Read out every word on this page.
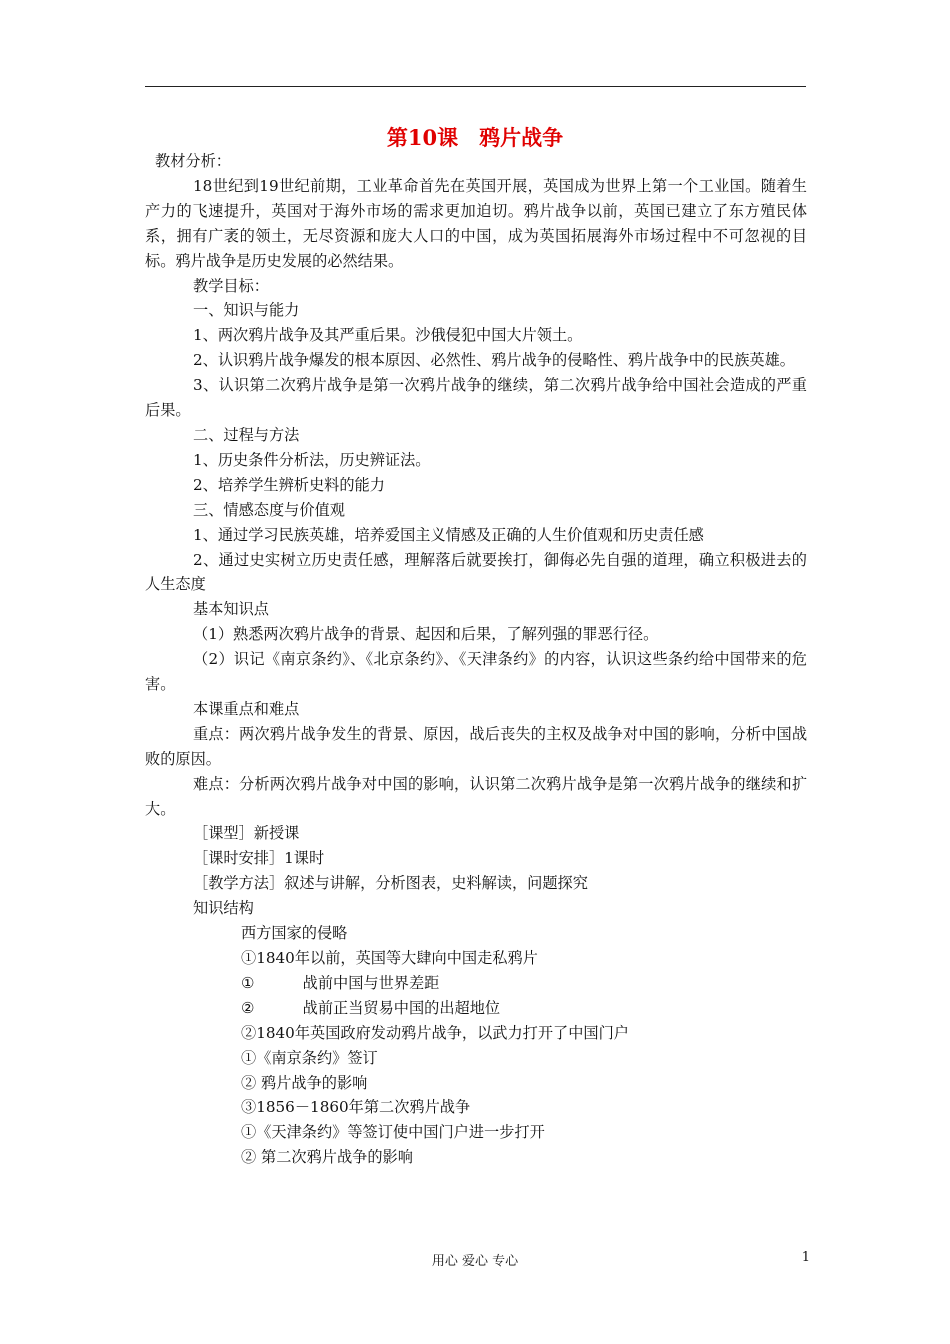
第10课　鸦片战争

教材分析：

18世纪到19世纪前期，工业革命首先在英国开展，英国成为世界上第一个工业国。随着生产力的飞速提升，英国对于海外市场的需求更加迫切。鸦片战争以前，英国已建立了东方殖民体系，拥有广袤的领土，无尽资源和庞大人口的中国，成为英国拓展海外市场过程中不可忽视的目标。鸦片战争是历史发展的必然结果。

教学目标：

一、知识与能力

1、两次鸦片战争及其严重后果。沙俄侵犯中国大片领土。

2、认识鸦片战争爆发的根本原因、必然性、鸦片战争的侵略性、鸦片战争中的民族英雄。

3、认识第二次鸦片战争是第一次鸦片战争的继续，第二次鸦片战争给中国社会造成的严重后果。

二、过程与方法

1、历史条件分析法，历史辨证法。

2、培养学生辨析史料的能力

三、情感态度与价值观

1、通过学习民族英雄，培养爱国主义情感及正确的人生价值观和历史责任感

2、通过史实树立历史责任感，理解落后就要挨打，御侮必先自强的道理，确立积极进去的人生态度

基本知识点

（1）熟悉两次鸦片战争的背景、起因和后果，了解列强的罪恶行径。

（2）识记《南京条约》、《北京条约》、《天津条约》的内容，认识这些条约给中国带来的危害。

本课重点和难点

重点：两次鸦片战争发生的背景、原因，战后丧失的主权及战争对中国的影响，分析中国战败的原因。

难点：分析两次鸦片战争对中国的影响，认识第二次鸦片战争是第一次鸦片战争的继续和扩大。

［课型］新授课

［课时安排］1课时

［教学方法］叙述与讲解，分析图表，史料解读，问题探究

知识结构

西方国家的侵略

①1840年以前，英国等大肆向中国走私鸦片

①	战前中国与世界差距

②	战前正当贸易中国的出超地位

②1840年英国政府发动鸦片战争，以武力打开了中国门户

①《南京条约》签订

② 鸦片战争的影响

③1856－1860年第二次鸦片战争

①《天津条约》等签订使中国门户进一步打开

② 第二次鸦片战争的影响

用心 爱心 专心	1
